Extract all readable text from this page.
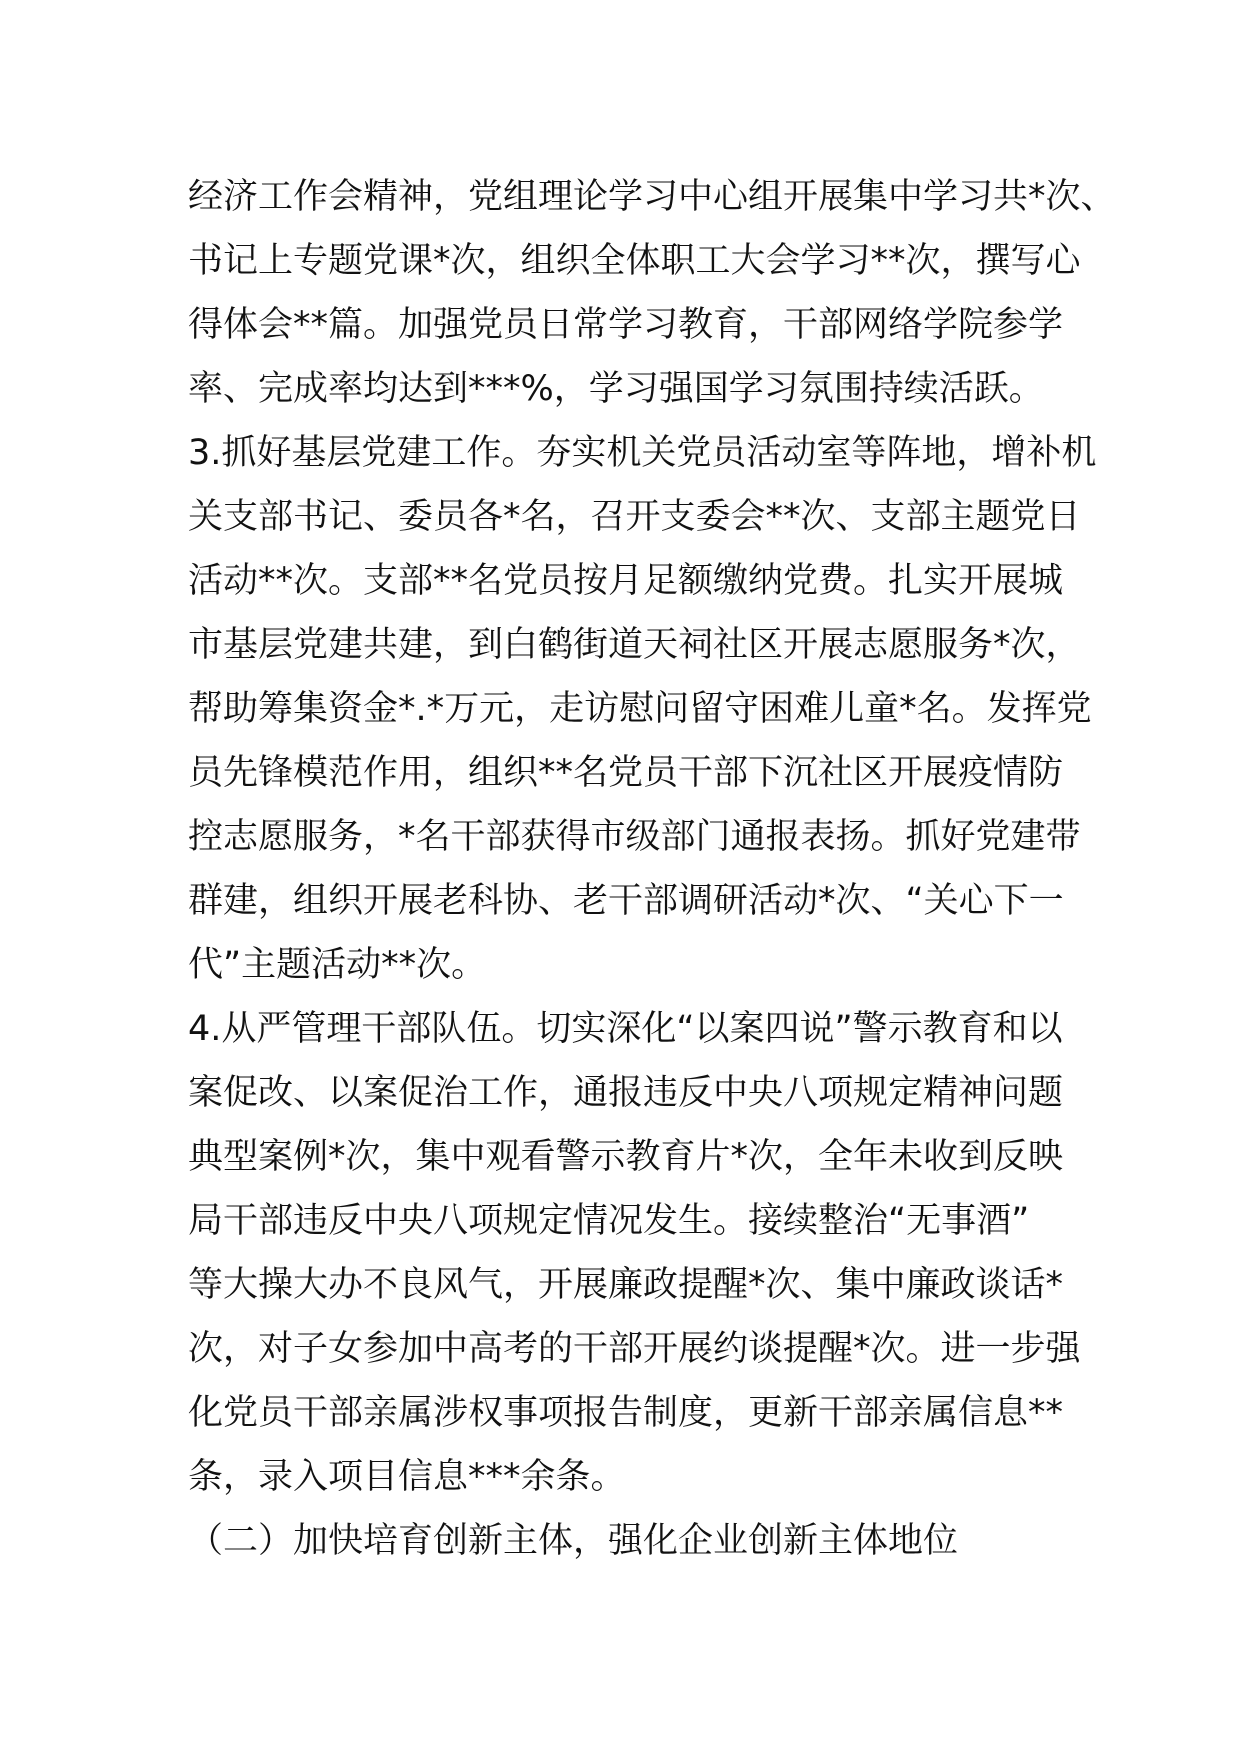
经济工作会精神，党组理论学习中心组开展集中学习共*次、
书记上专题党课*次，组织全体职工大会学习**次，撰写心
得体会**篇。加强党员日常学习教育，干部网络学院参学
率、完成率均达到***%，学习强国学习氛围持续活跃。
3.抓好基层党建工作。夯实机关党员活动室等阵地，增补机
关支部书记、委员各*名，召开支委会**次、支部主题党日
活动**次。支部**名党员按月足额缴纳党费。扎实开展城
市基层党建共建，到白鹤街道天祠社区开展志愿服务*次，
帮助筹集资金*.*万元，走访慰问留守困难儿童*名。发挥党
员先锋模范作用，组织**名党员干部下沉社区开展疫情防
控志愿服务，*名干部获得市级部门通报表扬。抓好党建带
群建，组织开展老科协、老干部调研活动*次、“关心下一
代”主题活动**次。
4.从严管理干部队伍。切实深化“以案四说”警示教育和以
案促改、以案促治工作，通报违反中央八项规定精神问题
典型案例*次，集中观看警示教育片*次，全年未收到反映
局干部违反中央八项规定情况发生。接续整治“无事酒”
等大操大办不良风气，开展廉政提醒*次、集中廉政谈话*
次，对子女参加中高考的干部开展约谈提醒*次。进一步强
化党员干部亲属涉权事项报告制度，更新干部亲属信息**
条，录入项目信息***余条。
（二）加快培育创新主体，强化企业创新主体地位
